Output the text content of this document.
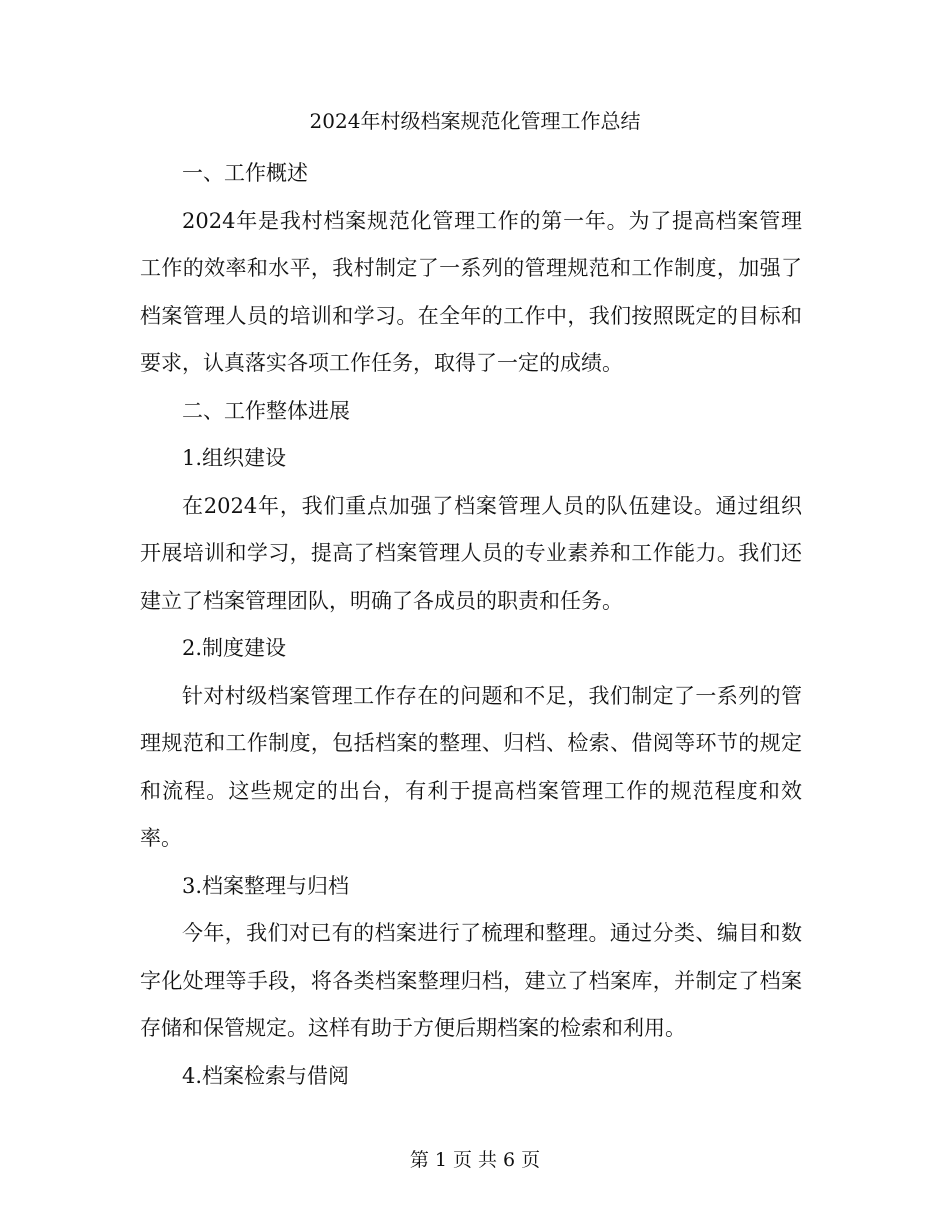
2024年村级档案规范化管理工作总结

一、工作概述

2024年是我村档案规范化管理工作的第一年。为了提高档案管理工作的效率和水平，我村制定了一系列的管理规范和工作制度，加强了档案管理人员的培训和学习。在全年的工作中，我们按照既定的目标和要求，认真落实各项工作任务，取得了一定的成绩。

二、工作整体进展

1.组织建设

在2024年，我们重点加强了档案管理人员的队伍建设。通过组织开展培训和学习，提高了档案管理人员的专业素养和工作能力。我们还建立了档案管理团队，明确了各成员的职责和任务。

2.制度建设

针对村级档案管理工作存在的问题和不足，我们制定了一系列的管理规范和工作制度，包括档案的整理、归档、检索、借阅等环节的规定和流程。这些规定的出台，有利于提高档案管理工作的规范程度和效率。

3.档案整理与归档

今年，我们对已有的档案进行了梳理和整理。通过分类、编目和数字化处理等手段，将各类档案整理归档，建立了档案库，并制定了档案存储和保管规定。这样有助于方便后期档案的检索和利用。

4.档案检索与借阅

第 1 页 共 6 页
